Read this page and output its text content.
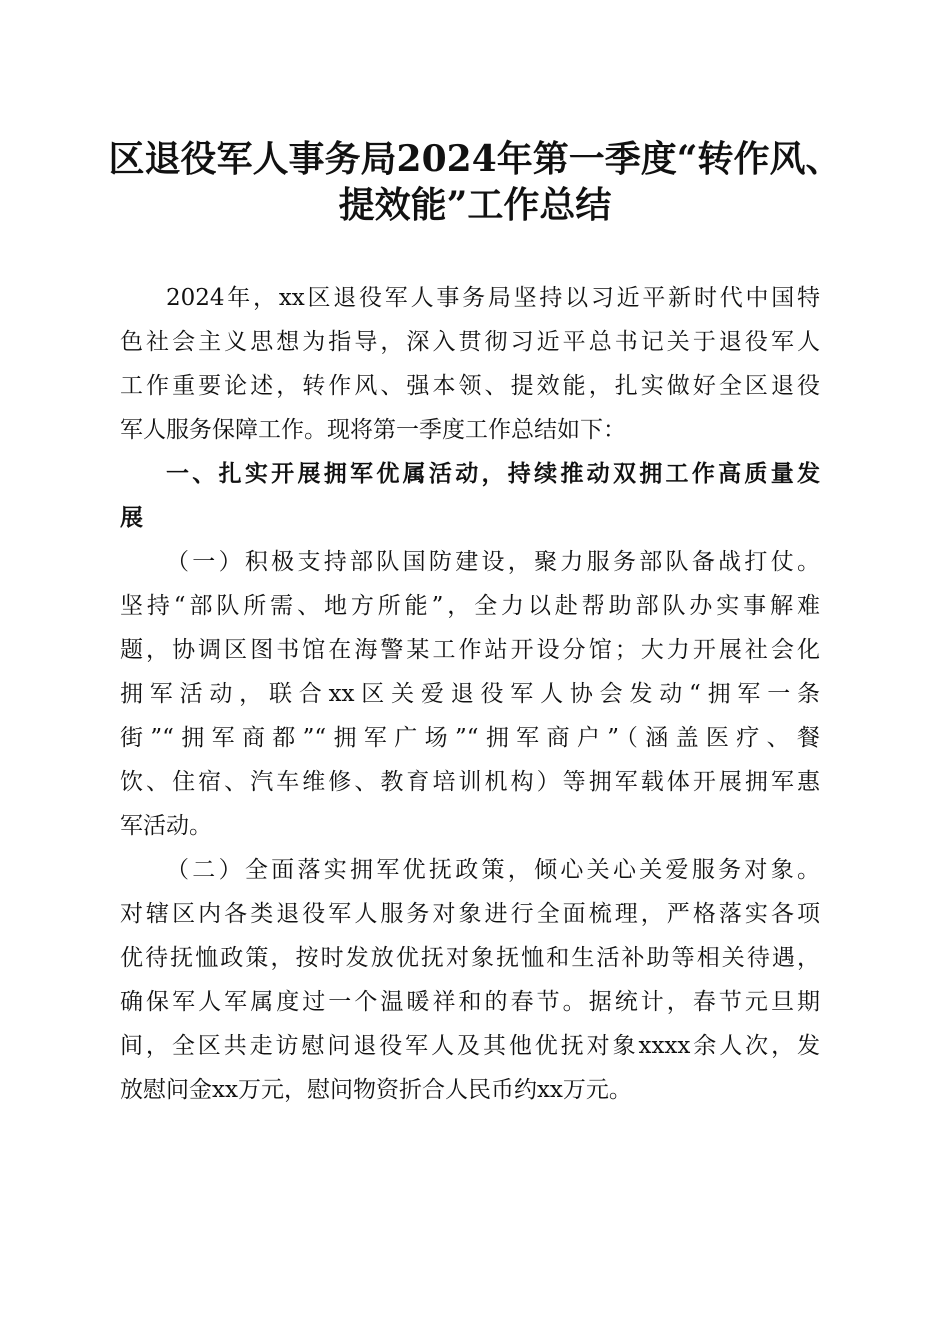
区退役军人事务局2024年第一季度“转作风、
提效能”工作总结
2024年，xx区退役军人事务局坚持以习近平新时代中国特
色社会主义思想为指导，深入贯彻习近平总书记关于退役军人
工作重要论述，转作风、强本领、提效能，扎实做好全区退役
军人服务保障工作。现将第一季度工作总结如下：
一、扎实开展拥军优属活动，持续推动双拥工作高质量发
展
（一）积极支持部队国防建设，聚力服务部队备战打仗。
坚持“部队所需、地方所能”，全力以赴帮助部队办实事解难
题，协调区图书馆在海警某工作站开设分馆；大力开展社会化
拥军活动，联合xx区关爱退役军人协会发动“拥军一条
街”“拥军商都”“拥军广场”“拥军商户”（涵盖医疗、餐
饮、住宿、汽车维修、教育培训机构）等拥军载体开展拥军惠
军活动。
（二）全面落实拥军优抚政策，倾心关心关爱服务对象。
对辖区内各类退役军人服务对象进行全面梳理，严格落实各项
优待抚恤政策，按时发放优抚对象抚恤和生活补助等相关待遇，
确保军人军属度过一个温暖祥和的春节。据统计，春节元旦期
间，全区共走访慰问退役军人及其他优抚对象xxxx余人次，发
放慰问金xx万元，慰问物资折合人民币约xx万元。
